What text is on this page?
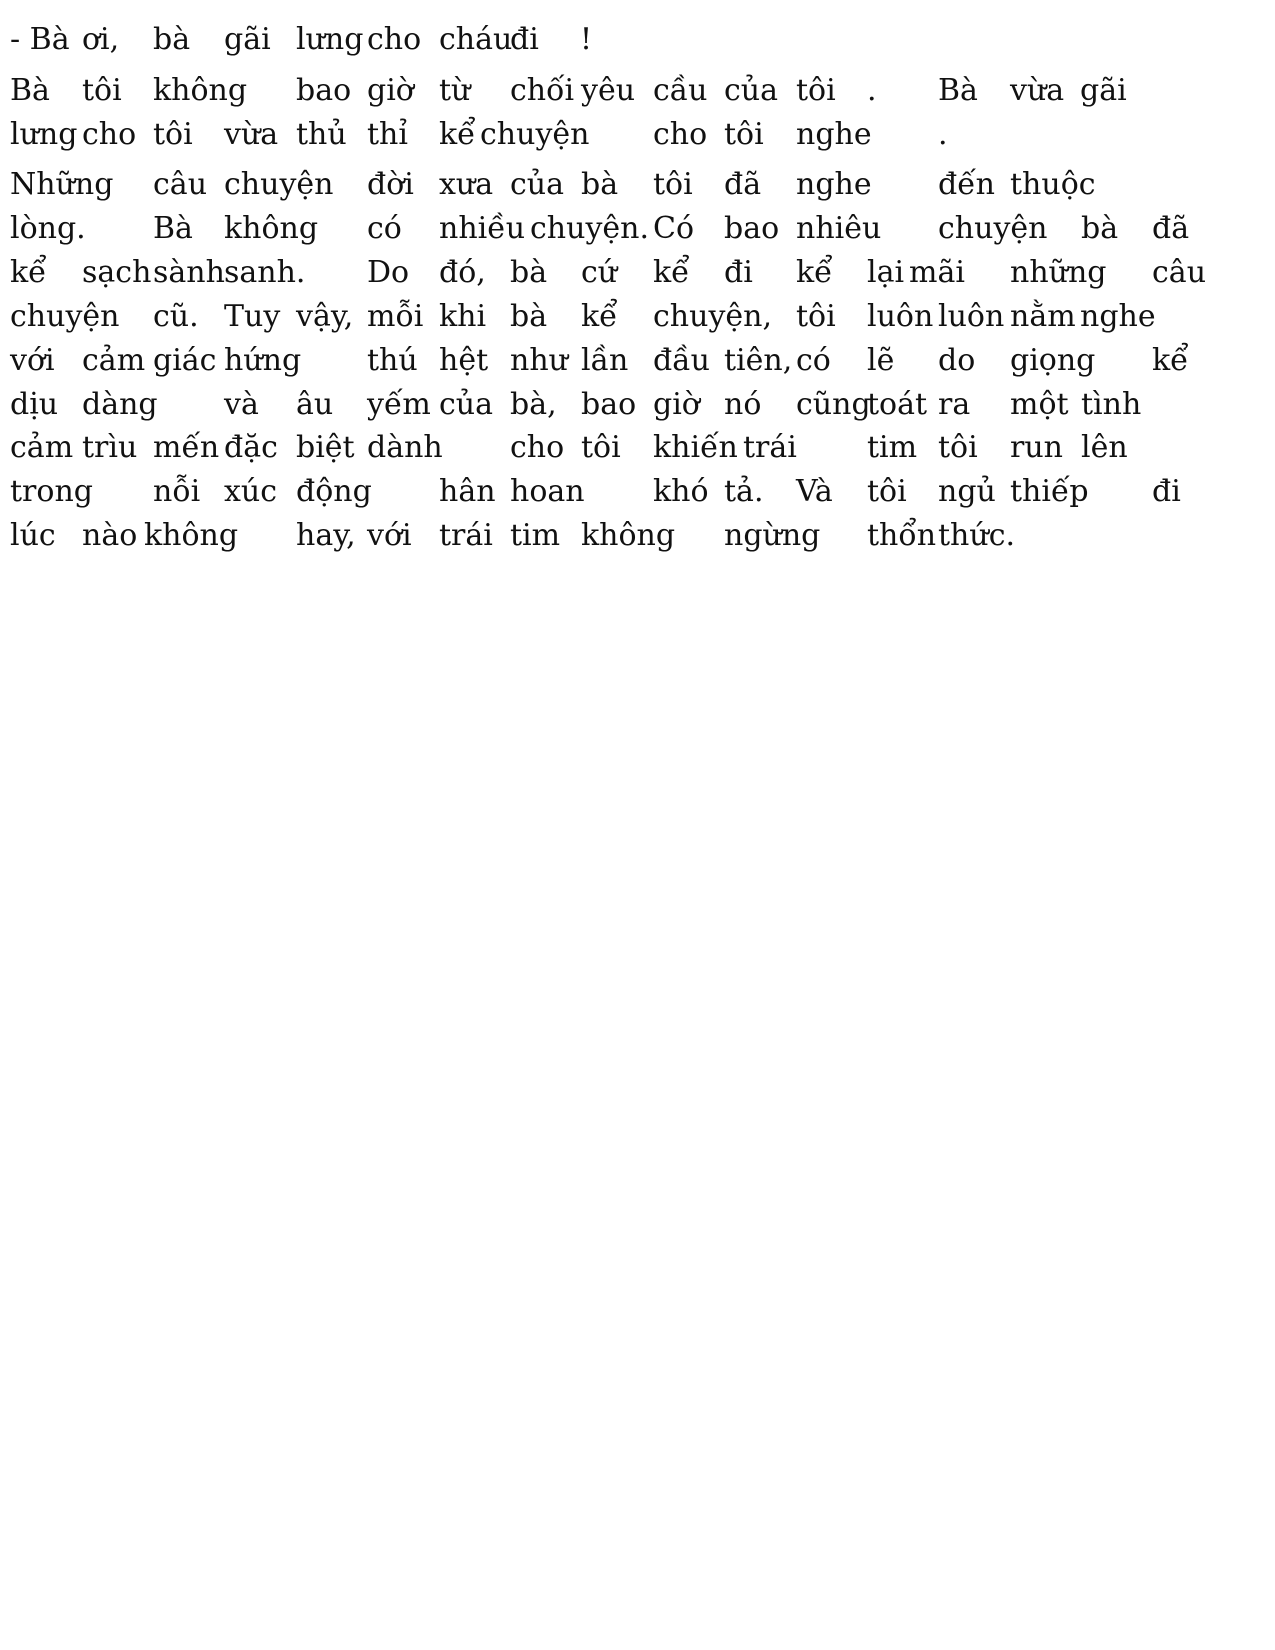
- Bà ơi, bà gãi lưng cho cháu
đi !
Bà tôi không bao giờ từ chối yêu cầu của tôi . Bà vừa gãi
lưng cho tôi vừa thủ thỉ kể chuyện cho tôi nghe .
Những câu chuyện đời xưa của bà tôi đã nghe đến thuộc
lòng. Bà không có nhiều chuyện. Có bao nhiêu chuyện bà đã
kể sạch sành sanh. Do đó, bà cứ kể đi kể lại mãi những câu
chuyện cũ. Tuy vậy, mỗi khi bà kể chuyện, tôi luôn luôn nằm nghe
với cảm giác hứng thú hệt như lần đầu tiên, có lẽ do giọng kể
dịu dàng và âu yếm của bà, bao giờ nó cũng
toát ra một tình
cảm trìu mến đặc biệt dành cho tôi khiến trái tim tôi run lên
trong nỗi xúc động hân hoan khó tả. Và tôi ngủ thiếp đi
lúc nào không hay, với trái tim không ngừng thổn thức.
